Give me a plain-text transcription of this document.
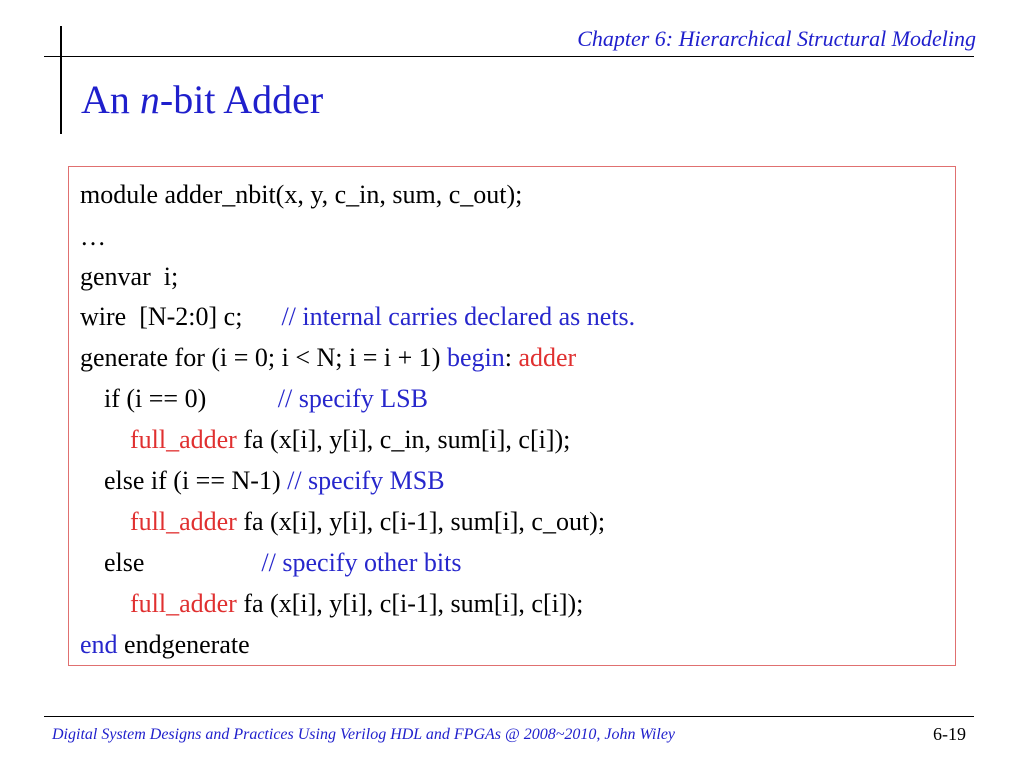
Chapter 6: Hierarchical Structural Modeling
An n-bit Adder
module adder_nbit(x, y, c_in, sum, c_out);
…
genvar  i;
wire  [N-2:0] c;      // internal carries declared as nets.
generate for (i = 0; i < N; i = i + 1) begin: adder
if (i == 0)           // specify LSB
full_adder fa (x[i], y[i], c_in, sum[i], c[i]);
else if (i == N-1) // specify MSB
full_adder fa (x[i], y[i], c[i-1], sum[i], c_out);
else                  // specify other bits
full_adder fa (x[i], y[i], c[i-1], sum[i], c[i]);
end endgenerate
Digital System Designs and Practices Using Verilog HDL and FPGAs @ 2008~2010, John Wiley	6-19
